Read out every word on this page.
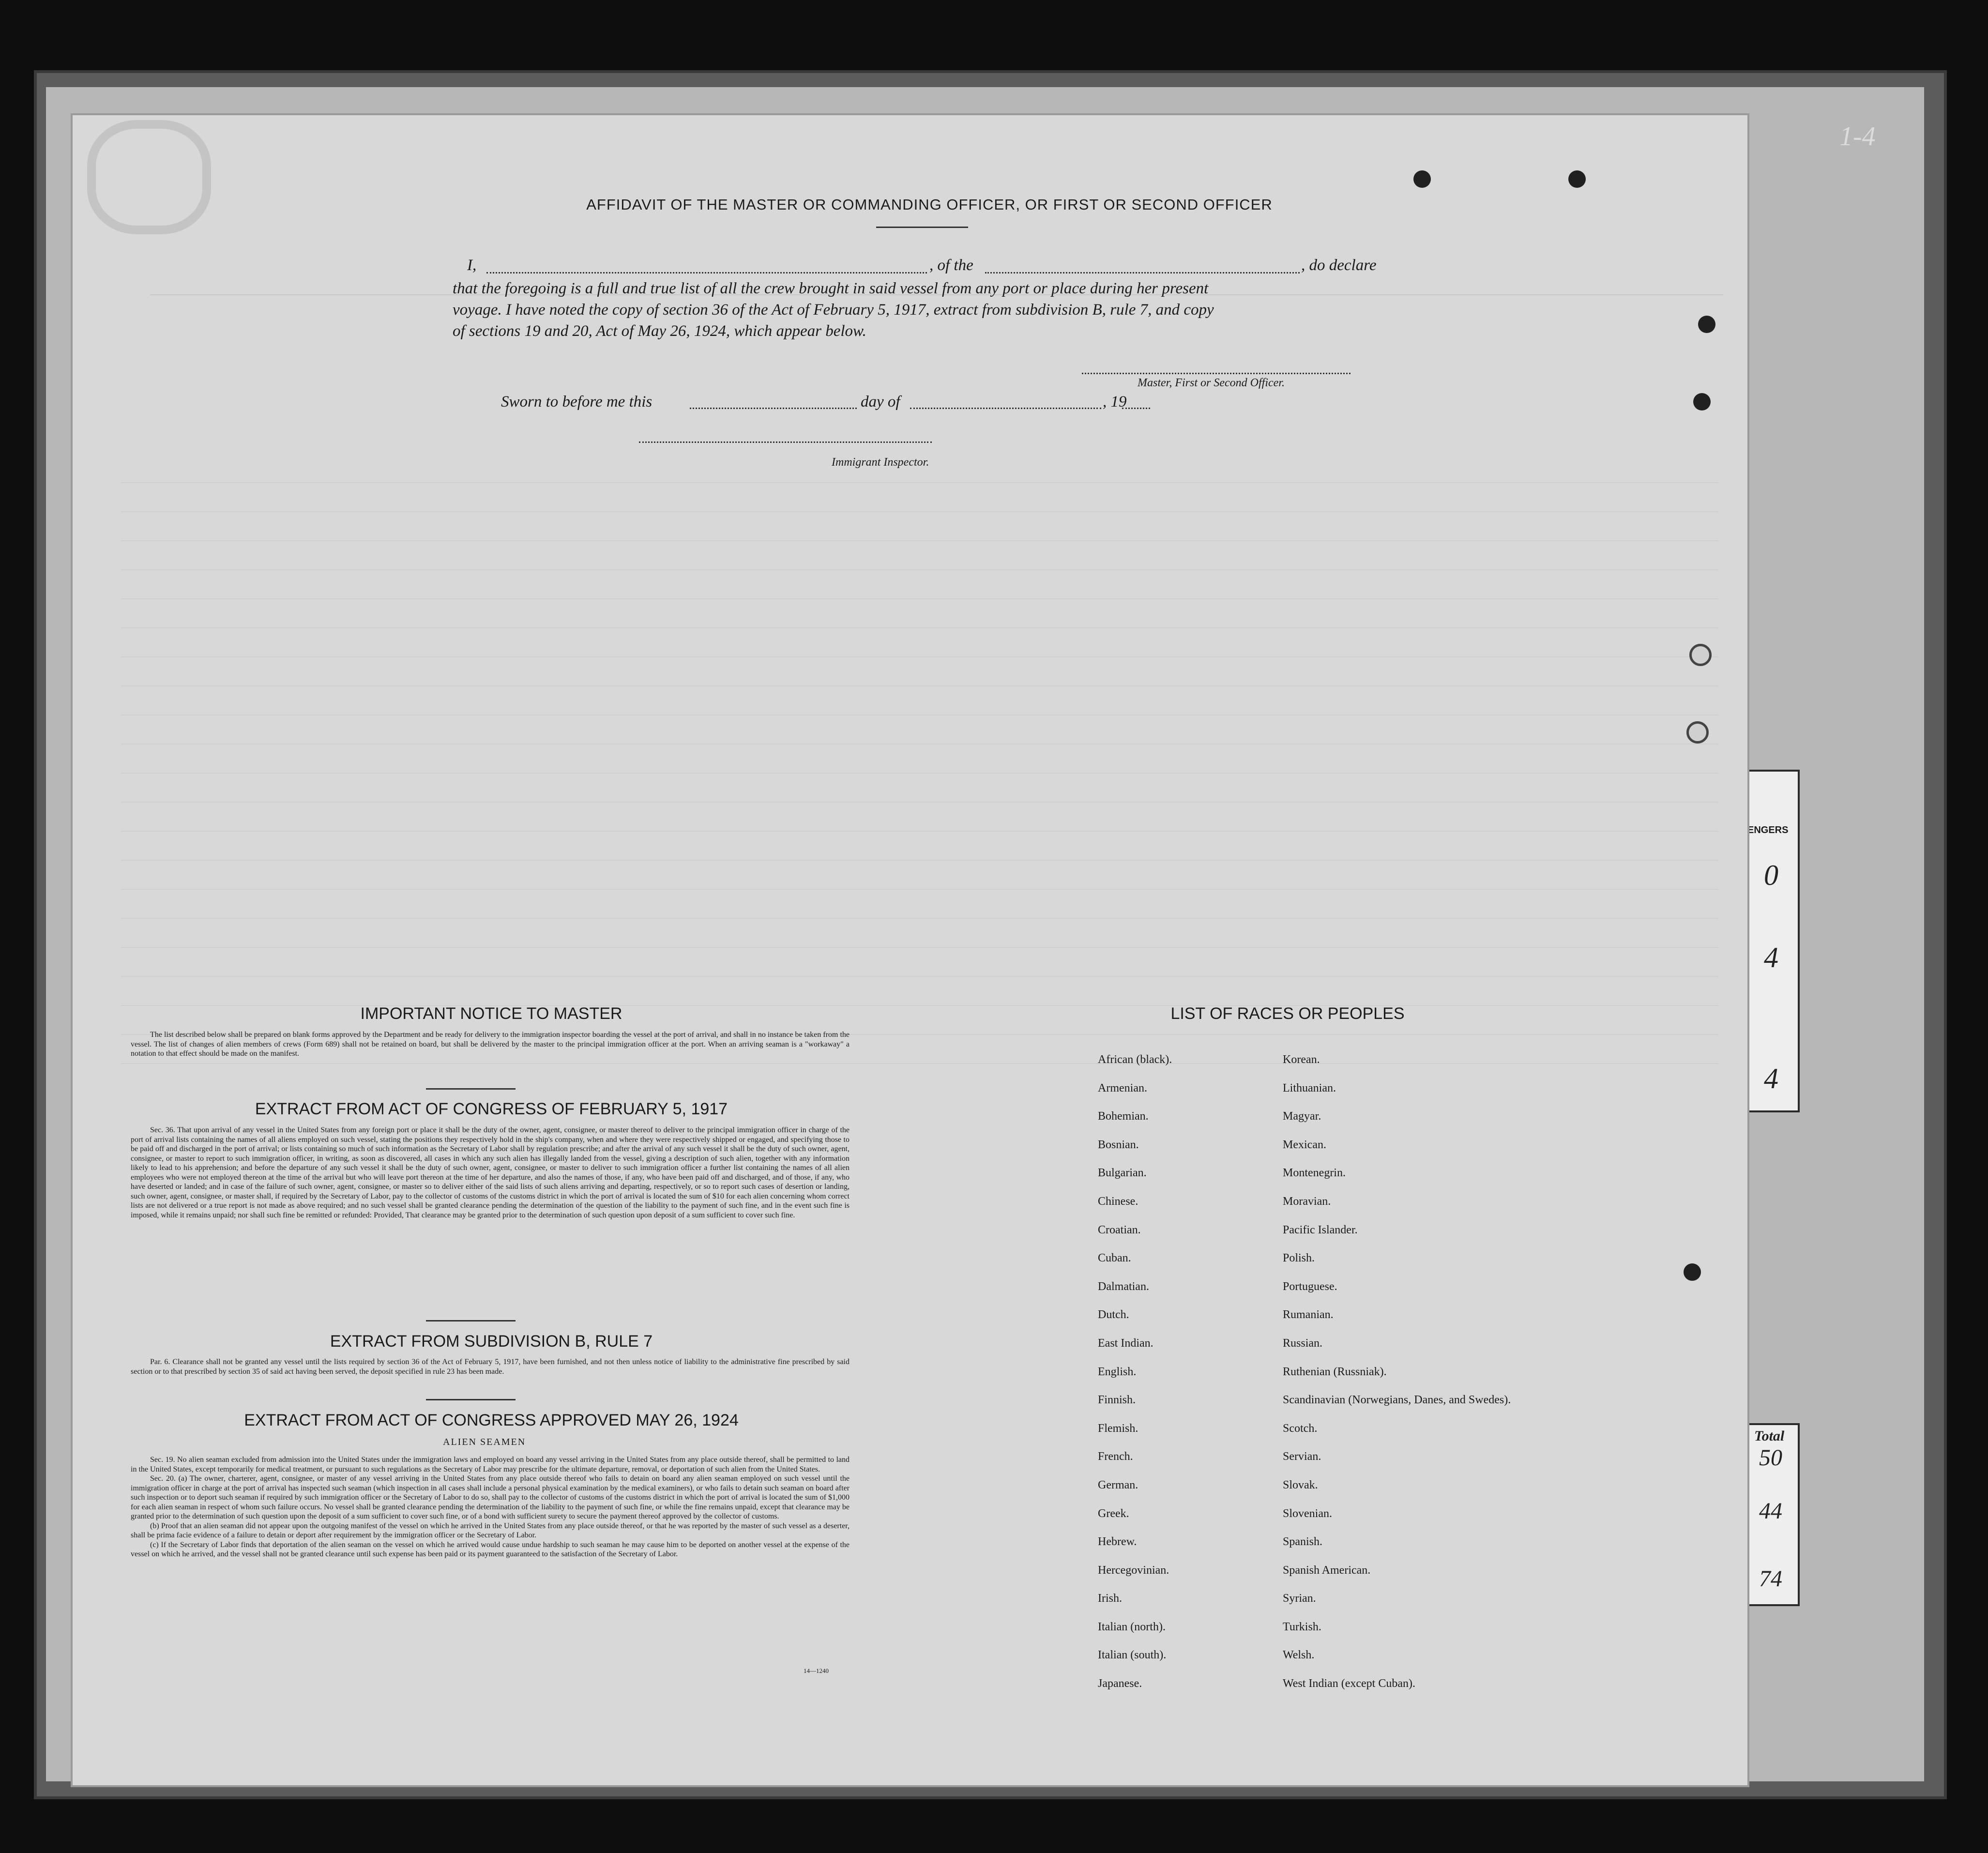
ENGERS
0
4
4
Total
50
44
74
1-4
AFFIDAVIT OF THE MASTER OR COMMANDING OFFICER, OR FIRST OR SECOND OFFICER
I,	, of the	, do declare
that the foregoing is a full and true list of all the crew brought in said vessel from any port or place during her present
voyage. I have noted the copy of section 36 of the Act of February 5, 1917, extract from subdivision B, rule 7, and copy
of sections 19 and 20, Act of May 26, 1924, which appear below.
Master, First or Second Officer.
Sworn to before me this	day of	, 19
Immigrant Inspector.
IMPORTANT NOTICE TO MASTER

The list described below shall be prepared on blank forms approved by the Department and be ready for delivery to the immigration inspector boarding the vessel at the port of arrival, and shall in no instance be taken from the vessel. The list of changes of alien members of crews (Form 689) shall not be retained on board, but shall be delivered by the master to the principal immigration officer at the port. When an arriving seaman is a "workaway" a notation to that effect should be made on the manifest.

EXTRACT FROM ACT OF CONGRESS OF FEBRUARY 5, 1917

Sec. 36. That upon arrival of any vessel in the United States from any foreign port or place it shall be the duty of the owner, agent, consignee, or master thereof to deliver to the principal immigration officer in charge of the port of arrival lists containing the names of all aliens employed on such vessel, stating the positions they respectively hold in the ship's company, when and where they were respectively shipped or engaged, and specifying those to be paid off and discharged in the port of arrival; or lists containing so much of such information as the Secretary of Labor shall by regulation prescribe; and after the arrival of any such vessel it shall be the duty of such owner, agent, consignee, or master to report to such immigration officer, in writing, as soon as discovered, all cases in which any such alien has illegally landed from the vessel, giving a description of such alien, together with any information likely to lead to his apprehension; and before the departure of any such vessel it shall be the duty of such owner, agent, consignee, or master to deliver to such immigration officer a further list containing the names of all alien employees who were not employed thereon at the time of the arrival but who will leave port thereon at the time of her departure, and also the names of those, if any, who have been paid off and discharged, and of those, if any, who have deserted or landed; and in case of the failure of such owner, agent, consignee, or master so to deliver either of the said lists of such aliens arriving and departing, respectively, or so to report such cases of desertion or landing, such owner, agent, consignee, or master shall, if required by the Secretary of Labor, pay to the collector of customs of the customs district in which the port of arrival is located the sum of $10 for each alien concerning whom correct lists are not delivered or a true report is not made as above required; and no such vessel shall be granted clearance pending the determination of the question of the liability to the payment of such fine, and in the event such fine is imposed, while it remains unpaid; nor shall such fine be remitted or refunded: Provided, That clearance may be granted prior to the determination of such question upon deposit of a sum sufficient to cover such fine.

EXTRACT FROM SUBDIVISION B, RULE 7

Par. 6. Clearance shall not be granted any vessel until the lists required by section 36 of the Act of February 5, 1917, have been furnished, and not then unless notice of liability to the administrative fine prescribed by said section or to that prescribed by section 35 of said act having been served, the deposit specified in rule 23 has been made.

EXTRACT FROM ACT OF CONGRESS APPROVED MAY 26, 1924
ALIEN SEAMEN

Sec. 19. No alien seaman excluded from admission into the United States under the immigration laws and employed on board any vessel arriving in the United States from any place outside thereof, shall be permitted to land in the United States, except temporarily for medical treatment, or pursuant to such regulations as the Secretary of Labor may prescribe for the ultimate departure, removal, or deportation of such alien from the United States.

Sec. 20. (a) The owner, charterer, agent, consignee, or master of any vessel arriving in the United States from any place outside thereof who fails to detain on board any alien seaman employed on such vessel until the immigration officer in charge at the port of arrival has inspected such seaman (which inspection in all cases shall include a personal physical examination by the medical examiners), or who fails to detain such seaman on board after such inspection or to deport such seaman if required by such immigration officer or the Secretary of Labor to do so, shall pay to the collector of customs of the customs district in which the port of arrival is located the sum of $1,000 for each alien seaman in respect of whom such failure occurs. No vessel shall be granted clearance pending the determination of the liability to the payment of such fine, or while the fine remains unpaid, except that clearance may be granted prior to the determination of such question upon the deposit of a sum sufficient to cover such fine, or of a bond with sufficient surety to secure the payment thereof approved by the collector of customs.

(b) Proof that an alien seaman did not appear upon the outgoing manifest of the vessel on which he arrived in the United States from any place outside thereof, or that he was reported by the master of such vessel as a deserter, shall be prima facie evidence of a failure to detain or deport after requirement by the immigration officer or the Secretary of Labor.

(c) If the Secretary of Labor finds that deportation of the alien seaman on the vessel on which he arrived would cause undue hardship to such seaman he may cause him to be deported on another vessel at the expense of the vessel on which he arrived, and the vessel shall not be granted clearance until such expense has been paid or its payment guaranteed to the satisfaction of the Secretary of Labor.

14—1240
LIST OF RACES OR PEOPLES
African (black).
Armenian.
Bohemian.
Bosnian.
Bulgarian.
Chinese.
Croatian.
Cuban.
Dalmatian.
Dutch.
East Indian.
English.
Finnish.
Flemish.
French.
German.
Greek.
Hebrew.
Hercegovinian.
Irish.
Italian (north).
Italian (south).
Japanese.
Korean.
Lithuanian.
Magyar.
Mexican.
Montenegrin.
Moravian.
Pacific Islander.
Polish.
Portuguese.
Rumanian.
Russian.
Ruthenian (Russniak).
Scandinavian (Norwegians, Danes, and Swedes).
Scotch.
Servian.
Slovak.
Slovenian.
Spanish.
Spanish American.
Syrian.
Turkish.
Welsh.
West Indian (except Cuban).
